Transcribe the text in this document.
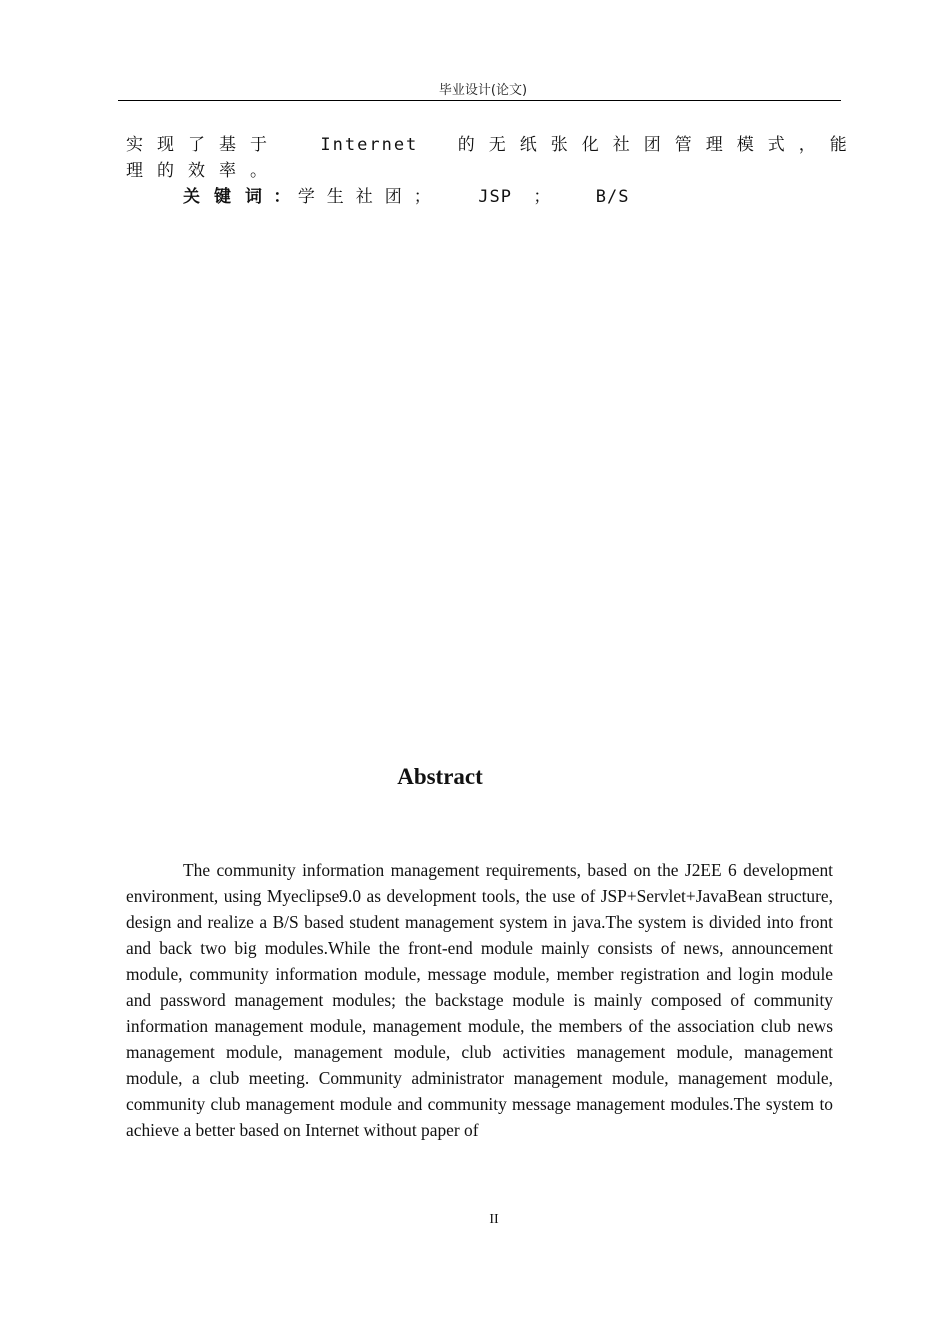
毕业设计(论文)
实现了基于 Internet 的无纸张化社团管理模式，能
理的效率。
关键词 ： 学生社团； JSP ；	B/S
Abstract
The community information management requirements, based on the J2EE 6 development environment, using Myeclipse9.0 as development tools, the use of JSP+Servlet+JavaBean structure, design and realize a B/S based student management system in java.The system is divided into front and back two big modules.While the front-end module mainly consists of news, announcement module, community information module, message module, member registration and login module and password management modules; the backstage module is mainly composed of community information management module, management module, the members of the association club news management module, management module, club activities management module, management module, a club meeting. Community administrator management module, management module, community club management module and community message management modules.The system to achieve a better based on Internet without paper of
II
